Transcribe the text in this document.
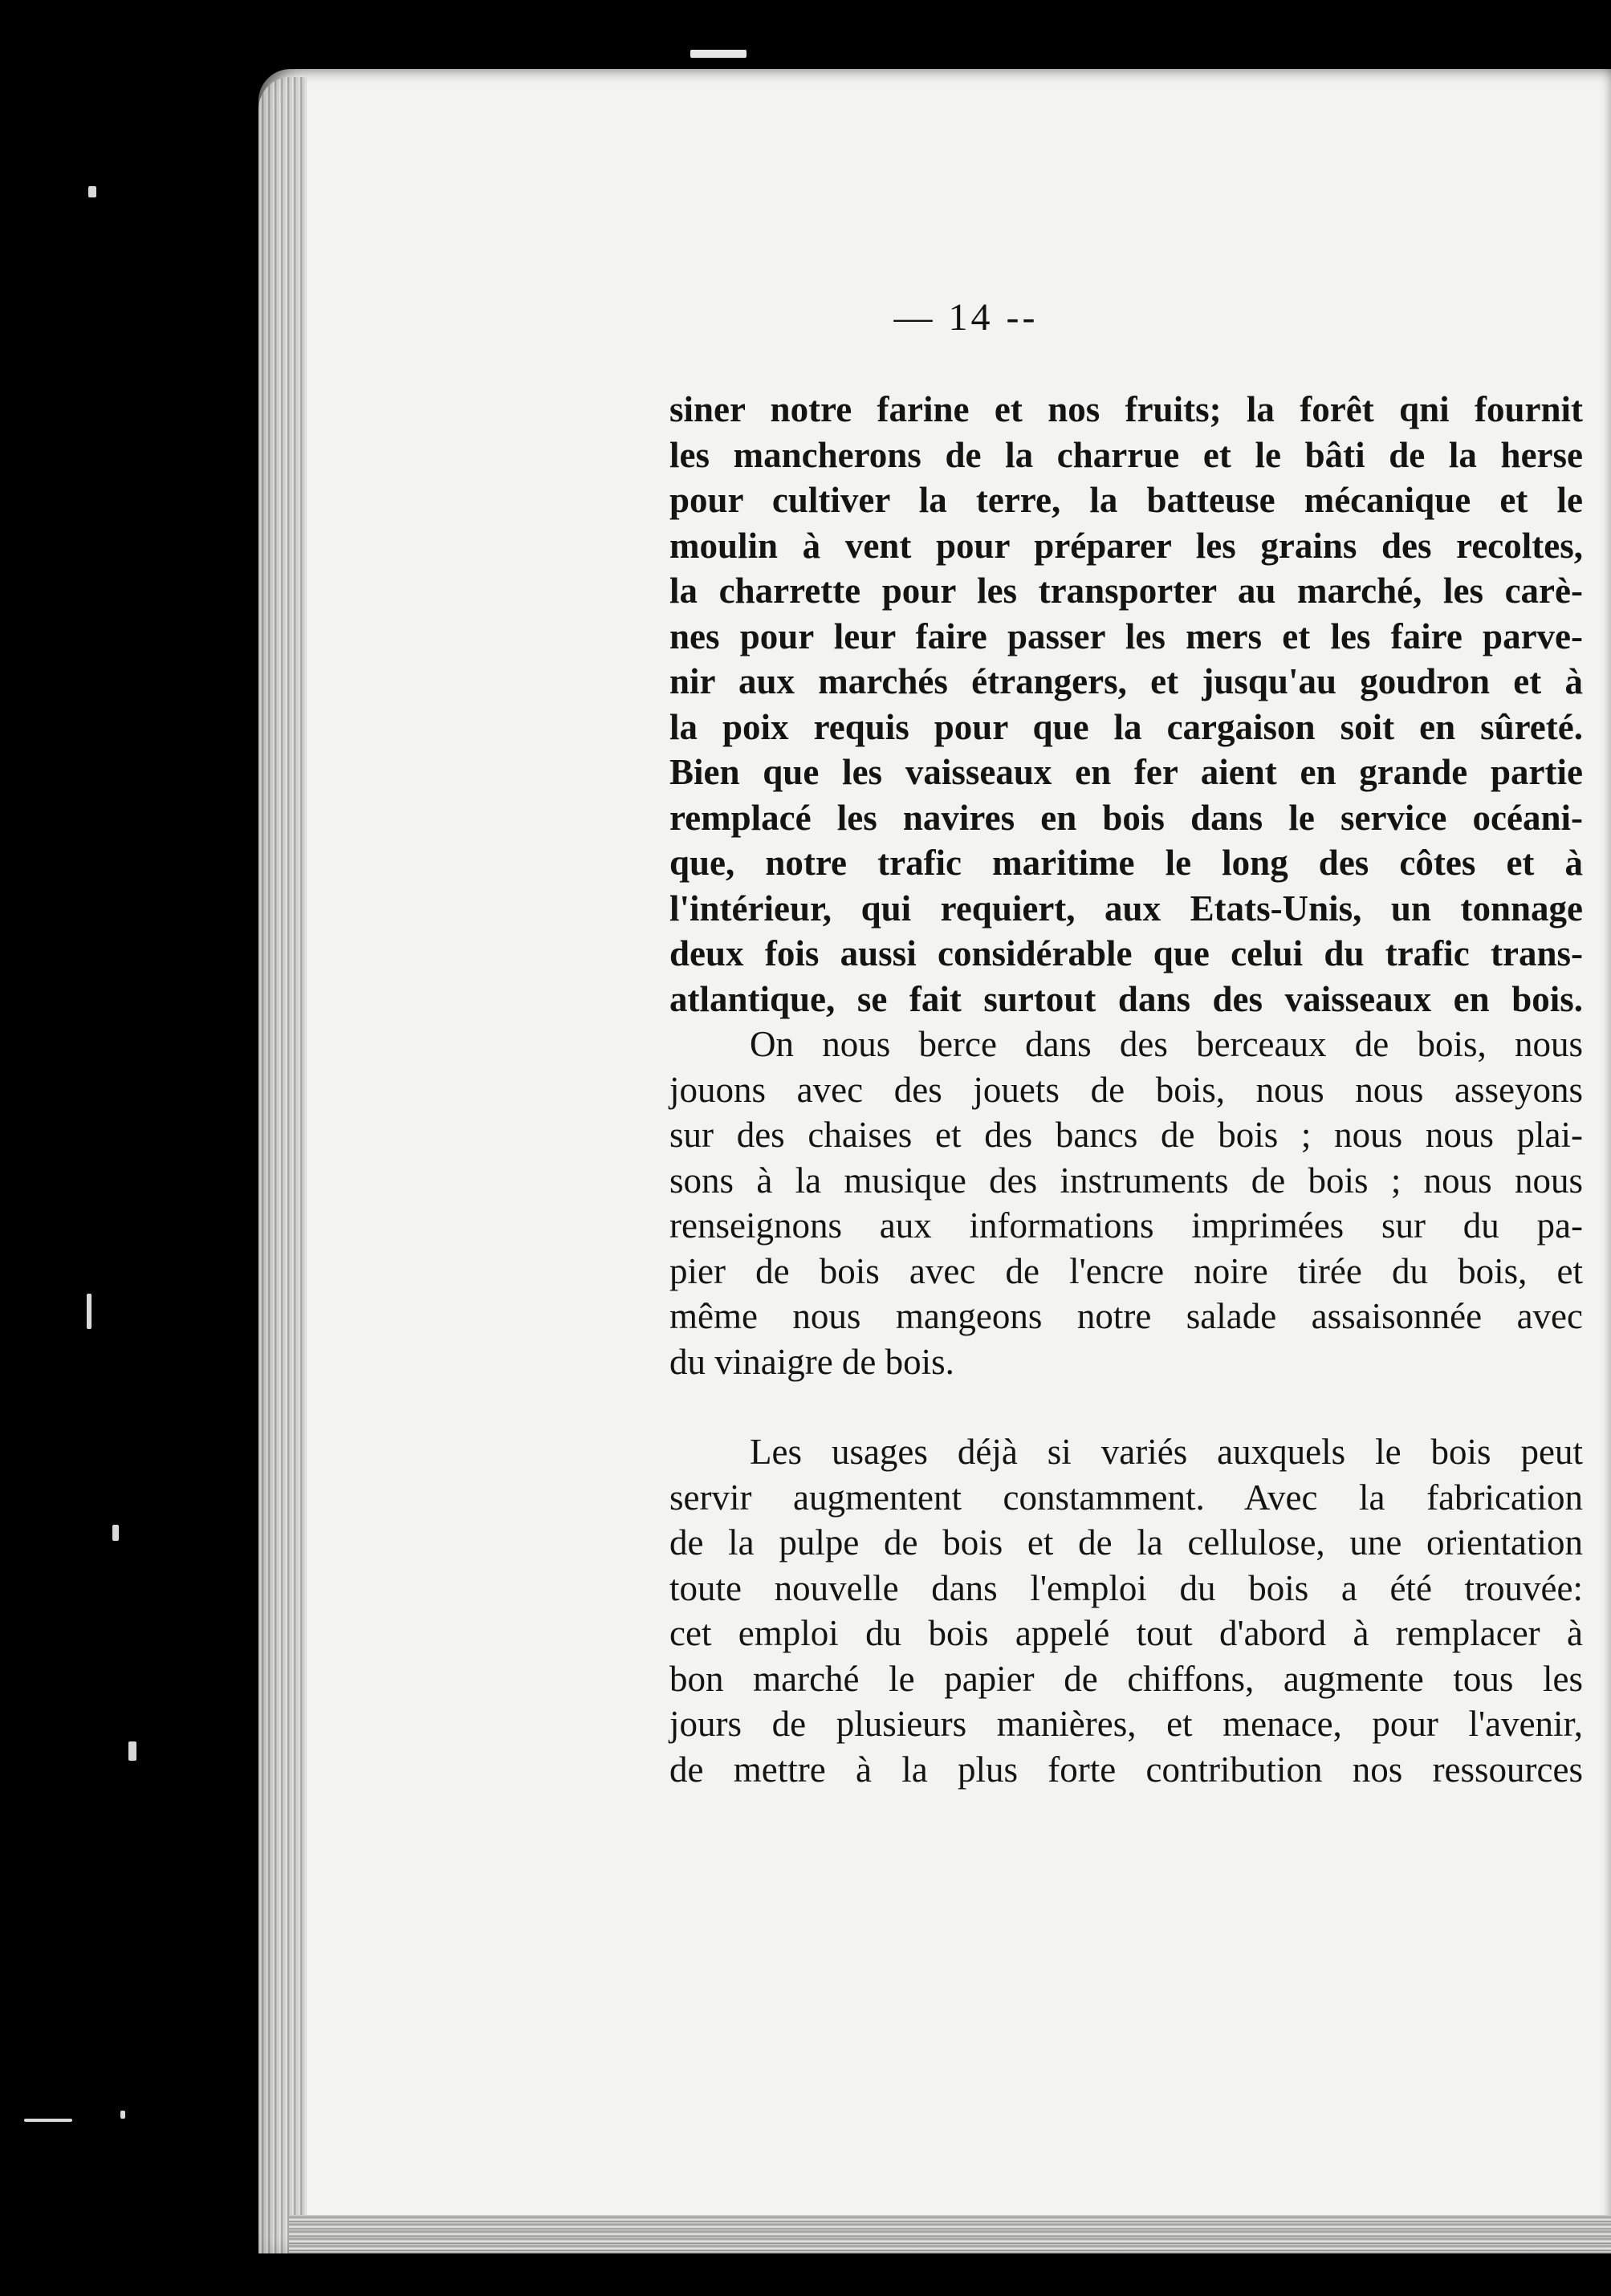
— 14 --

siner notre farine et nos fruits; la forêt qni fournit
les mancherons de la charrue et le bâti de la herse
pour cultiver la terre, la batteuse mécanique et le
moulin à vent pour préparer les grains des recoltes,
la charrette pour les transporter au marché, les carè-
nes pour leur faire passer les mers et les faire parve-
nir aux marchés étrangers, et jusqu'au goudron et à
la poix requis pour que la cargaison soit en sûreté.
Bien que les vaisseaux en fer aient en grande partie
remplacé les navires en bois dans le service océani-
que, notre trafic maritime le long des côtes et à
l'intérieur, qui requiert, aux Etats-Unis, un tonnage
deux fois aussi considérable que celui du trafic trans-
atlantique, se fait surtout dans des vaisseaux en bois.

On nous berce dans des berceaux de bois, nous
jouons avec des jouets de bois, nous nous asseyons
sur des chaises et des bancs de bois ; nous nous plai-
sons à la musique des instruments de bois ; nous nous
renseignons aux informations imprimées sur du pa-
pier de bois avec de l'encre noire tirée du bois, et
même nous mangeons notre salade assaisonnée avec
du vinaigre de bois.

Les usages déjà si variés auxquels le bois peut
servir augmentent constamment. Avec la fabrication
de la pulpe de bois et de la cellulose, une orientation
toute nouvelle dans l'emploi du bois a été trouvée:
cet emploi du bois appelé tout d'abord à remplacer à
bon marché le papier de chiffons, augmente tous les
jours de plusieurs manières, et menace, pour l'avenir,
de mettre à la plus forte contribution nos ressources
